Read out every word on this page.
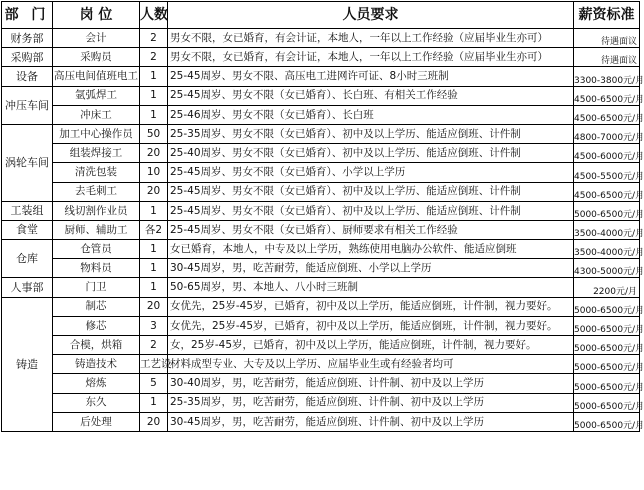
部 门	岗 位	人数	人员要求	薪资标准
财务部	会计	2	男女不限，女已婚育，有会计证，本地人，一年以上工作经验（应届毕业生亦可）	待遇面议
采购部	采购员	2	男女不限，女已婚育，有会计证，本地人，一年以上工作经验（应届毕业生亦可）	待遇面议
设备	高压电间值班电工	1	25-45周岁、男女不限、高压电工进网许可证、8小时三班制	3300-3800元/月
冲压车间	氩弧焊工	1	25-45周岁、男女不限（女已婚育）、长白班、有相关工作经验	4500-6500元/月
	冲床工	1	25-46周岁、男女不限（女已婚育）、长白班	4500-6500元/月
涡轮车间	加工中心操作员	50	25-35周岁、男女不限（女已婚育）、初中及以上学历、能适应倒班、计件制	4800-7000元/月
	组装焊接工	20	25-40周岁、男女不限（女已婚育）、初中及以上学历、能适应倒班、计件制	4500-6000元/月
	清洗包装	10	25-45周岁、男女不限（女已婚育）、小学以上学历	4500-5500元/月
	去毛刺工	20	25-45周岁、男女不限（女已婚育）、初中及以上学历、能适应倒班、计件制	4500-6500元/月
工装组	线切割作业员	1	25-45周岁、男女不限（女已婚育）、初中及以上学历、能适应倒班、计件制	5000-6500元/月
食堂	厨师、辅助工	各2	25-45周岁、男女不限（女已婚育）、厨师要求有相关工作经验	3500-4000元/月
仓库	仓管员	1	女已婚育，本地人，中专及以上学历，熟练使用电脑办公软件、能适应倒班	3500-4000元/月
	物料员	1	30-45周岁，男，吃苦耐劳，能适应倒班、小学以上学历	4300-5000元/月
人事部	门卫	1	50-65周岁，男、本地人、八小时三班制	2200元/月
铸造	制芯	20	女优先，25岁-45岁，已婚育，初中及以上学历，能适应倒班，计件制，视力要好。	5000-6500元/月
	修芯	3	女优先，25岁-45岁，已婚育，初中及以上学历，能适应倒班，计件制，视力要好。	5000-6500元/月
	合模，烘箱	2	女，25岁-45岁，已婚育，初中及以上学历，能适应倒班，计件制，视力要好。	5000-6500元/月
	铸造技术	工艺设	材料成型专业、大专及以上学历、应届毕业生或有经验者均可	5000-6500元/月
	熔炼	5	30-40周岁，男，吃苦耐劳，能适应倒班、计件制、初中及以上学历	5000-6500元/月
	东久	1	25-35周岁，男，吃苦耐劳，能适应倒班、计件制、初中及以上学历	5000-6500元/月
	后处理	20	30-45周岁，男，吃苦耐劳，能适应倒班、计件制、初中及以上学历	5000-6500元/月
